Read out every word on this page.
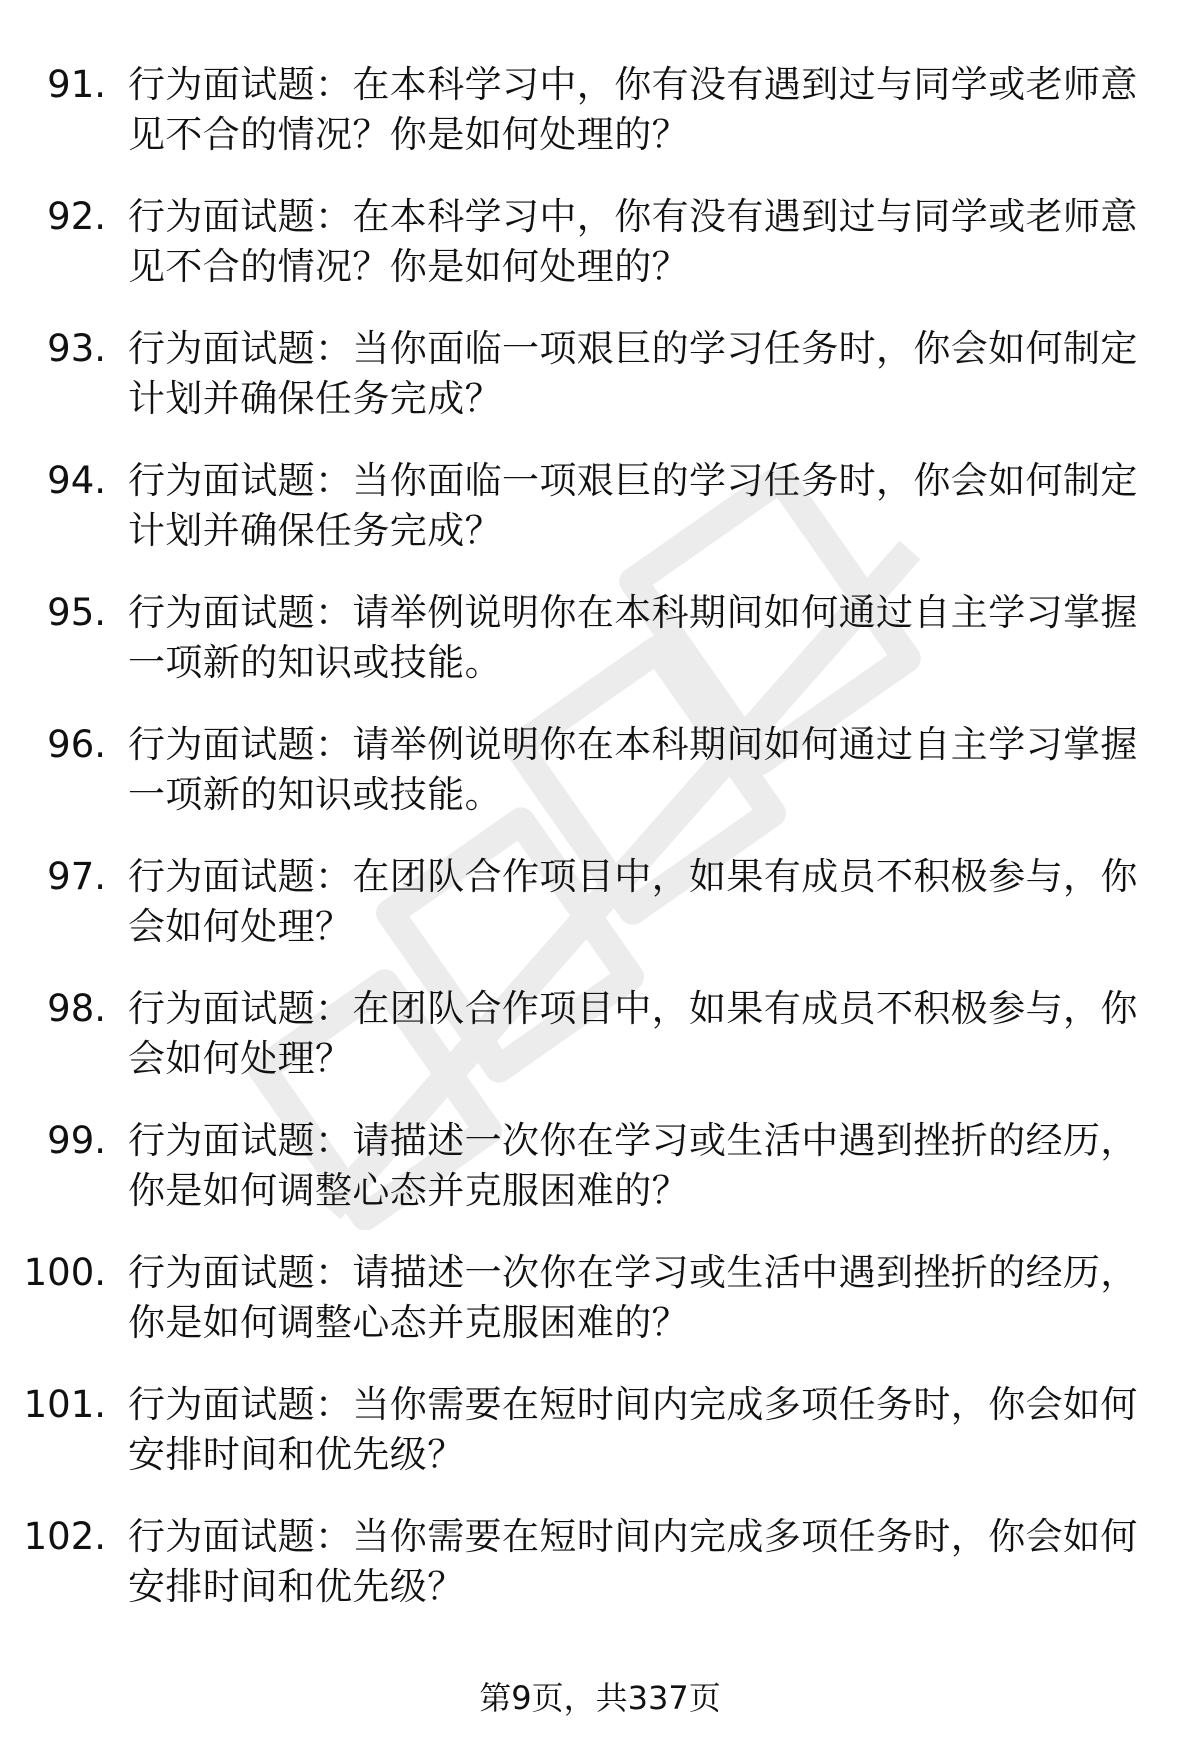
91. 行为面试题：在本科学习中，你有没有遇到过与同学或老师意见不合的情况？你是如何处理的？
92. 行为面试题：在本科学习中，你有没有遇到过与同学或老师意见不合的情况？你是如何处理的？
93. 行为面试题：当你面临一项艰巨的学习任务时，你会如何制定计划并确保任务完成？
94. 行为面试题：当你面临一项艰巨的学习任务时，你会如何制定计划并确保任务完成？
95. 行为面试题：请举例说明你在本科期间如何通过自主学习掌握一项新的知识或技能。
96. 行为面试题：请举例说明你在本科期间如何通过自主学习掌握一项新的知识或技能。
97. 行为面试题：在团队合作项目中，如果有成员不积极参与，你会如何处理？
98. 行为面试题：在团队合作项目中，如果有成员不积极参与，你会如何处理？
99. 行为面试题：请描述一次你在学习或生活中遇到挫折的经历，你是如何调整心态并克服困难的？
100. 行为面试题：请描述一次你在学习或生活中遇到挫折的经历，你是如何调整心态并克服困难的？
101. 行为面试题：当你需要在短时间内完成多项任务时，你会如何安排时间和优先级？
102. 行为面试题：当你需要在短时间内完成多项任务时，你会如何安排时间和优先级？
第9页，共337页
